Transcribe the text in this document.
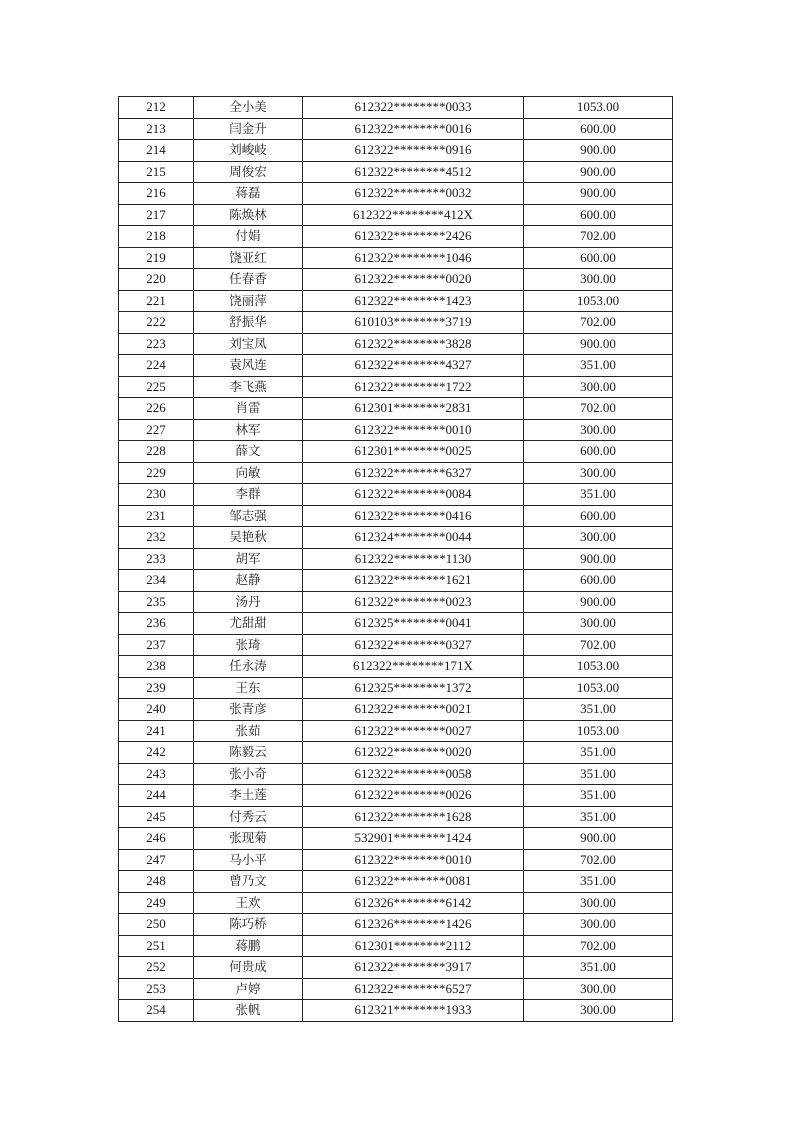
212	全小美	612322********0033	1053.00
213	闫金升	612322********0016	600.00
214	刘峻岐	612322********0916	900.00
215	周俊宏	612322********4512	900.00
216	蒋磊	612322********0032	900.00
217	陈焕林	612322********412X	600.00
218	付娟	612322********2426	702.00
219	饶亚红	612322********1046	600.00
220	任春香	612322********0020	300.00
221	饶丽萍	612322********1423	1053.00
222	舒振华	610103********3719	702.00
223	刘宝凤	612322********3828	900.00
224	袁风连	612322********4327	351.00
225	李飞燕	612322********1722	300.00
226	肖雷	612301********2831	702.00
227	林军	612322********0010	300.00
228	薛文	612301********0025	600.00
229	向敏	612322********6327	300.00
230	李群	612322********0084	351.00
231	邹志强	612322********0416	600.00
232	吴艳秋	612324********0044	300.00
233	胡军	612322********1130	900.00
234	赵静	612322********1621	600.00
235	汤丹	612322********0023	900.00
236	尤甜甜	612325********0041	300.00
237	张琦	612322********0327	702.00
238	任永涛	612322********171X	1053.00
239	王东	612325********1372	1053.00
240	张青彦	612322********0021	351.00
241	张茹	612322********0027	1053.00
242	陈毅云	612322********0020	351.00
243	张小奇	612322********0058	351.00
244	李土莲	612322********0026	351.00
245	付秀云	612322********1628	351.00
246	张现菊	532901********1424	900.00
247	马小平	612322********0010	702.00
248	曾乃文	612322********0081	351.00
249	王欢	612326********6142	300.00
250	陈巧桥	612326********1426	300.00
251	蒋鹏	612301********2112	702.00
252	何贵成	612322********3917	351.00
253	卢婷	612322********6527	300.00
254	张帆	612321********1933	300.00
